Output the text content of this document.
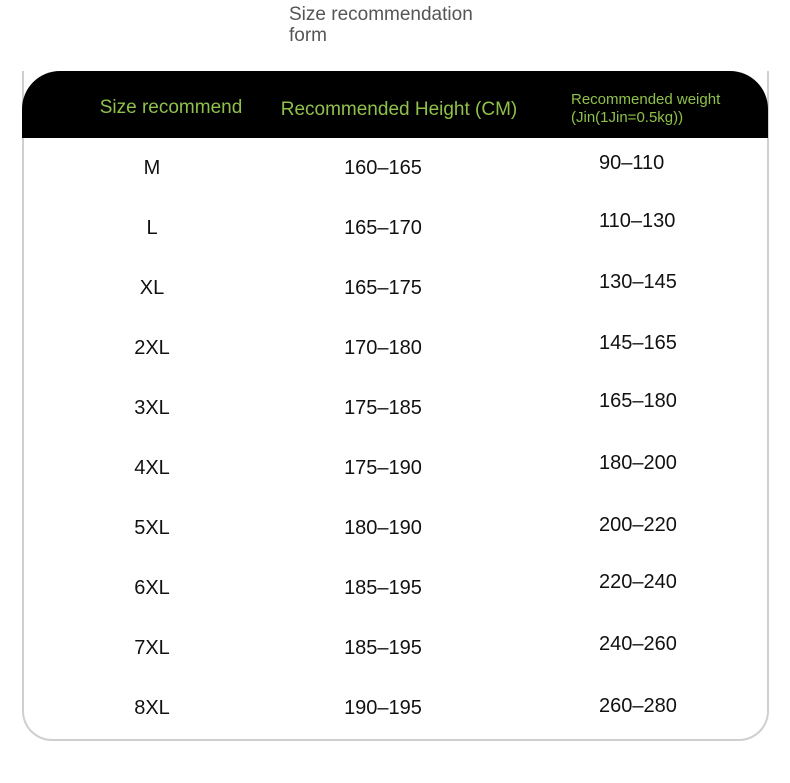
Size recommendation
form
Size recommend	Recommended Height (CM)	Recommended weight
(Jin(1Jin=0.5kg))
M	160–165	90–110
L	165–170	110–130
XL	165–175	130–145
2XL	170–180	145–165
3XL	175–185	165–180
4XL	175–190	180–200
5XL	180–190	200–220
6XL	185–195	220–240
7XL	185–195	240–260
8XL	190–195	260–280
